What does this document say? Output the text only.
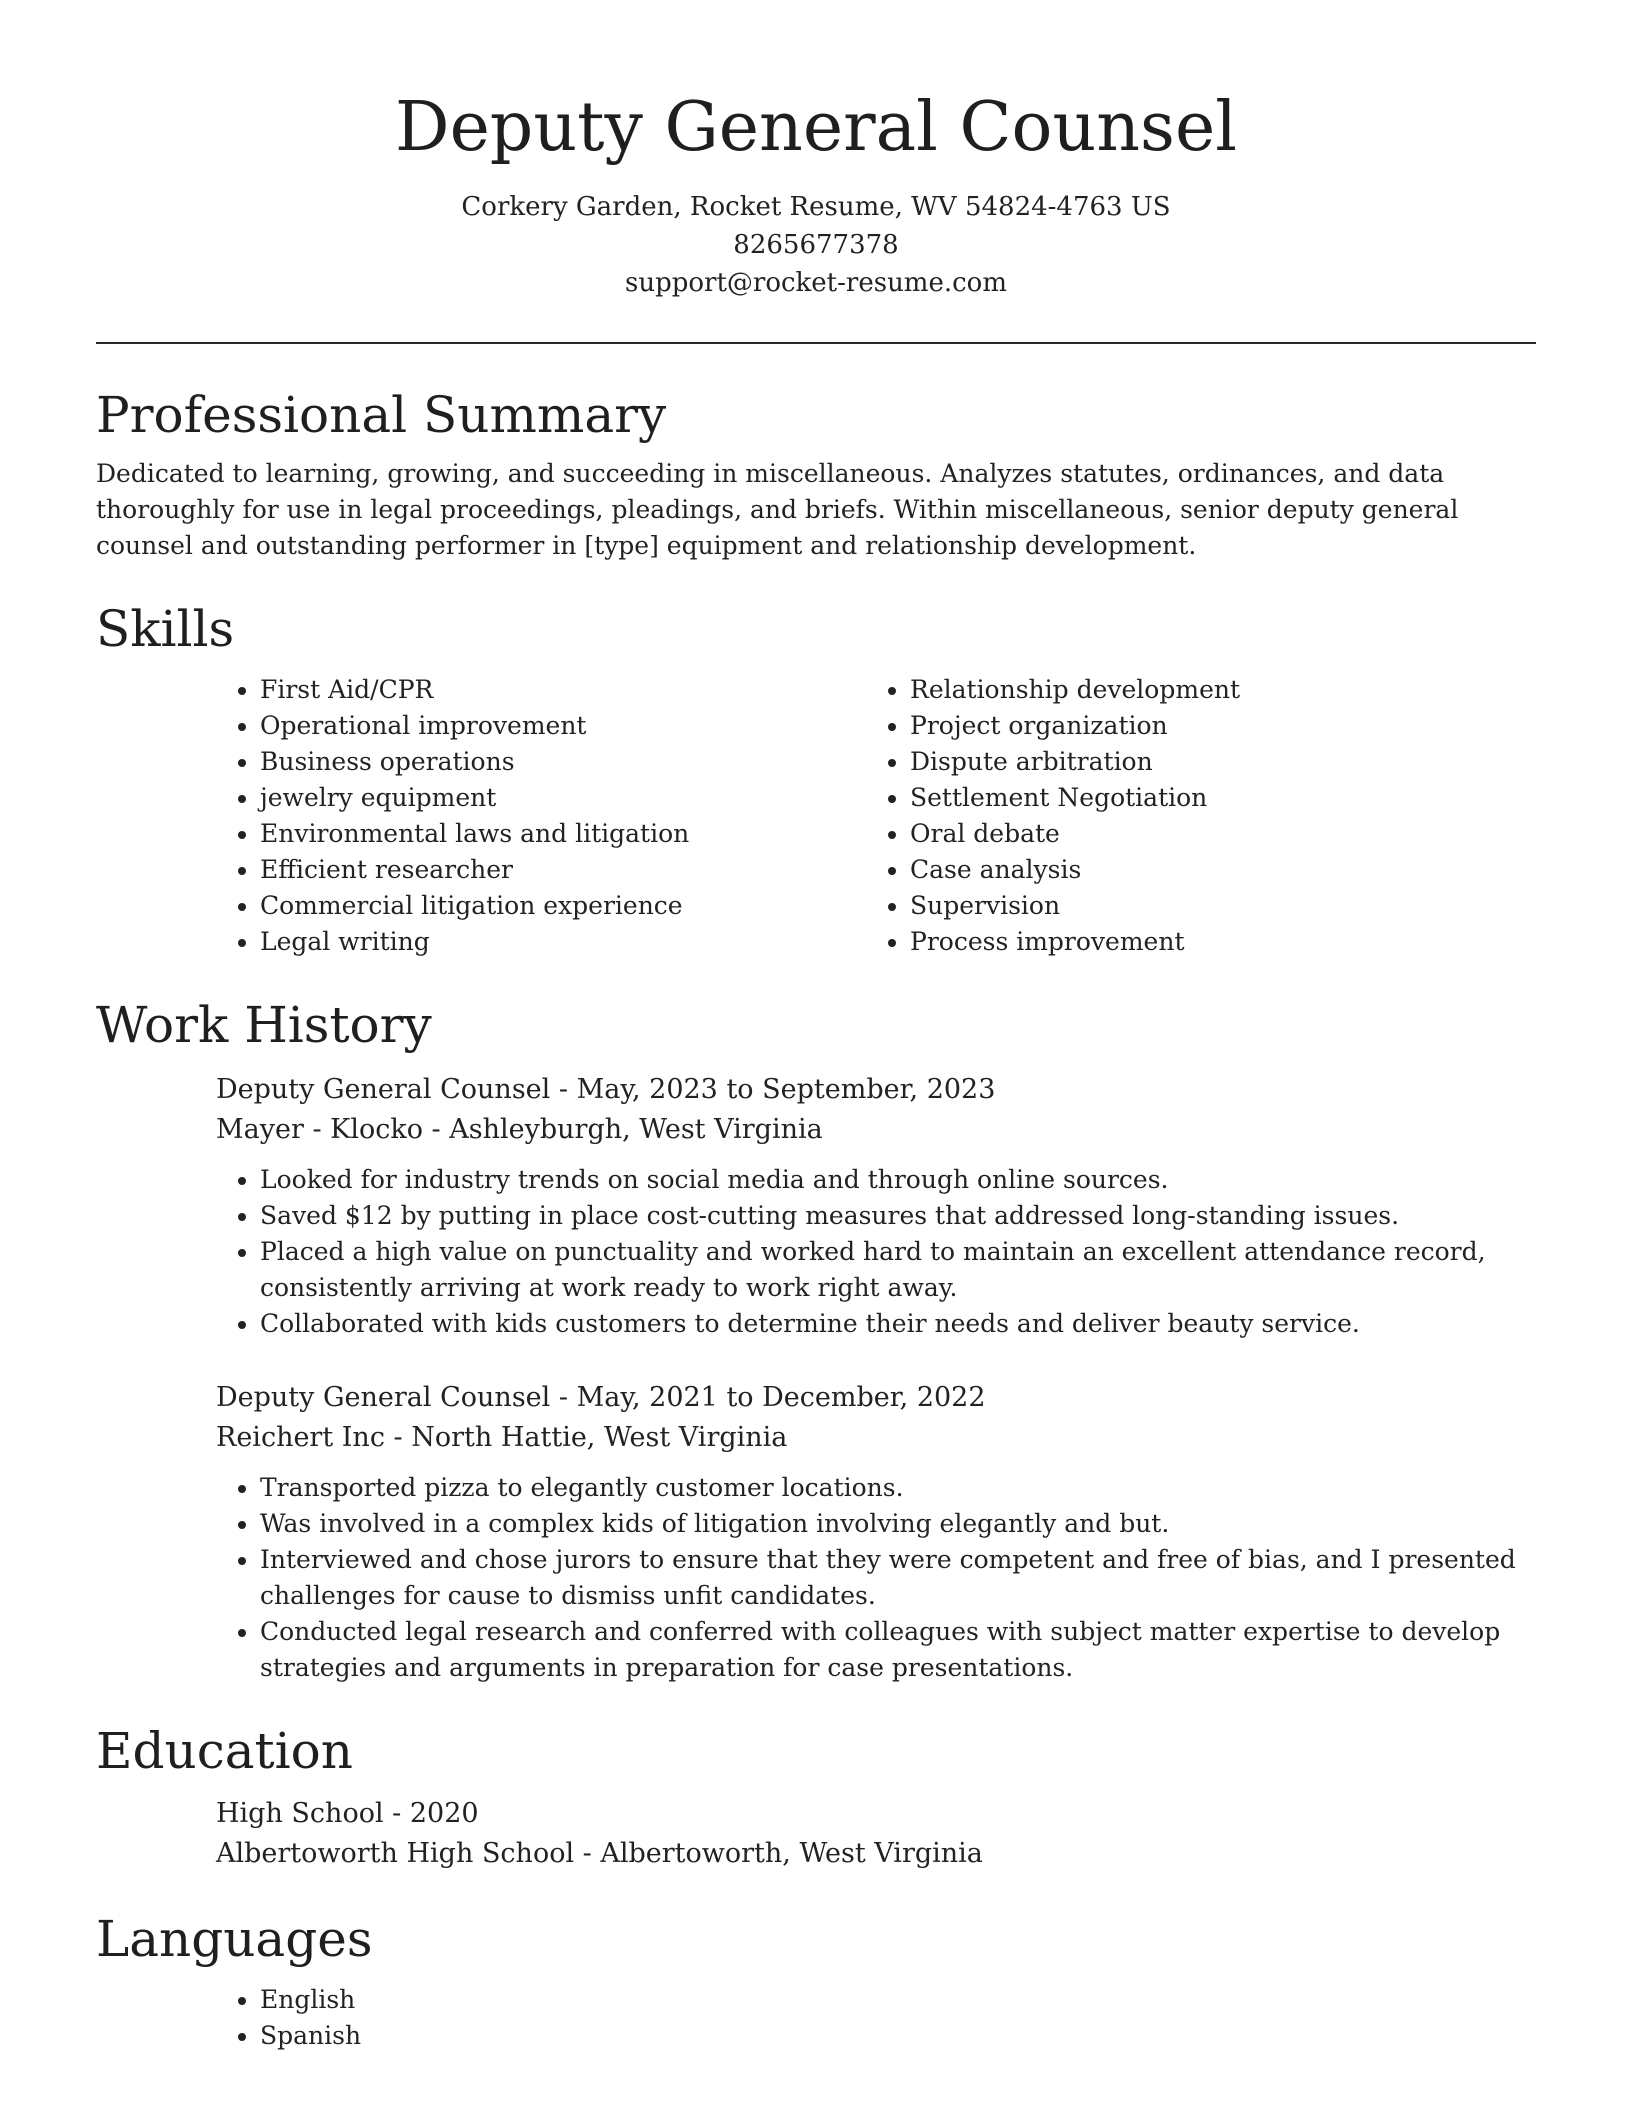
Deputy General Counsel

Corkery Garden, Rocket Resume, WV 54824-4763 US

8265677378

support@rocket-resume.com

Professional Summary

Dedicated to learning, growing, and succeeding in miscellaneous. Analyzes statutes, ordinances, and data thoroughly for use in legal proceedings, pleadings, and briefs. Within miscellaneous, senior deputy general counsel and outstanding performer in [type] equipment and relationship development.

Skills
• First Aid/CPR
• Operational improvement
• Business operations
• jewelry equipment
• Environmental laws and litigation
• Efficient researcher
• Commercial litigation experience
• Legal writing
• Relationship development
• Project organization
• Dispute arbitration
• Settlement Negotiation
• Oral debate
• Case analysis
• Supervision
• Process improvement
Work History

Deputy General Counsel - May, 2023 to September, 2023

Mayer - Klocko - Ashleyburgh, West Virginia

• Looked for industry trends on social media and through online sources.
• Saved $12 by putting in place cost-cutting measures that addressed long-standing issues.
• Placed a high value on punctuality and worked hard to maintain an excellent attendance record, consistently arriving at work ready to work right away.
• Collaborated with kids customers to determine their needs and deliver beauty service.

Deputy General Counsel - May, 2021 to December, 2022

Reichert Inc - North Hattie, West Virginia

• Transported pizza to elegantly customer locations.
• Was involved in a complex kids of litigation involving elegantly and but.
• Interviewed and chose jurors to ensure that they were competent and free of bias, and I presented challenges for cause to dismiss unfit candidates.
• Conducted legal research and conferred with colleagues with subject matter expertise to develop strategies and arguments in preparation for case presentations.
Education

High School - 2020

Albertoworth High School - Albertoworth, West Virginia

Languages
• English
• Spanish
